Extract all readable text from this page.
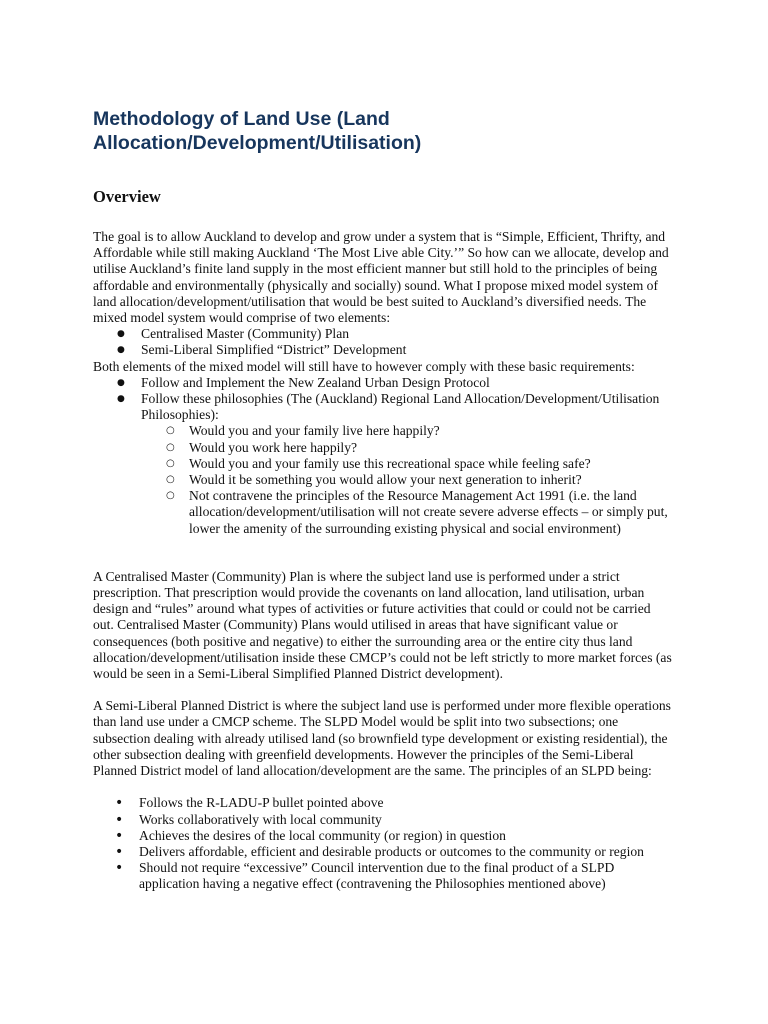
Methodology of Land Use (Land
Allocation/Development/Utilisation)
Overview

The goal is to allow Auckland to develop and grow under a system that is “Simple, Efficient, Thrifty, and Affordable while still making Auckland ‘The Most Live able City.’” So how can we allocate, develop and utilise Auckland’s finite land supply in the most efficient manner but still hold to the principles of being affordable and environmentally (physically and socially) sound. What I propose mixed model system of land allocation/development/utilisation that would be best suited to Auckland’s diversified needs. The mixed model system would comprise of two elements:

● Centralised Master (Community) Plan
● Semi-Liberal Simplified “District” Development

Both elements of the mixed model will still have to however comply with these basic requirements:

● Follow and Implement the New Zealand Urban Design Protocol
● Follow these philosophies (The (Auckland) Regional Land Allocation/Development/Utilisation Philosophies):
○ Would you and your family live here happily?
○ Would you work here happily?
○ Would you and your family use this recreational space while feeling safe?
○ Would it be something you would allow your next generation to inherit?
○ Not contravene the principles of the Resource Management Act 1991 (i.e. the land allocation/development/utilisation will not create severe adverse effects – or simply put, lower the amenity of the surrounding existing physical and social environment)

A Centralised Master (Community) Plan is where the subject land use is performed under a strict prescription. That prescription would provide the covenants on land allocation, land utilisation, urban design and “rules” around what types of activities or future activities that could or could not be carried out. Centralised Master (Community) Plans would utilised in areas that have significant value or consequences (both positive and negative) to either the surrounding area or the entire city thus land allocation/development/utilisation inside these CMCP’s could not be left strictly to more market forces (as would be seen in a Semi-Liberal Simplified Planned District development).

A Semi-Liberal Planned District is where the subject land use is performed under more flexible operations than land use under a CMCP scheme. The SLPD Model would be split into two subsections; one subsection dealing with already utilised land (so brownfield type development or existing residential), the other subsection dealing with greenfield developments. However the principles of the Semi-Liberal Planned District model of land allocation/development are the same. The principles of an SLPD being:

• Follows the R-LADU-P bullet pointed above
• Works collaboratively with local community
• Achieves the desires of the local community (or region) in question
• Delivers affordable, efficient and desirable products or outcomes to the community or region
• Should not require “excessive” Council intervention due to the final product of a SLPD application having a negative effect (contravening the Philosophies mentioned above)
